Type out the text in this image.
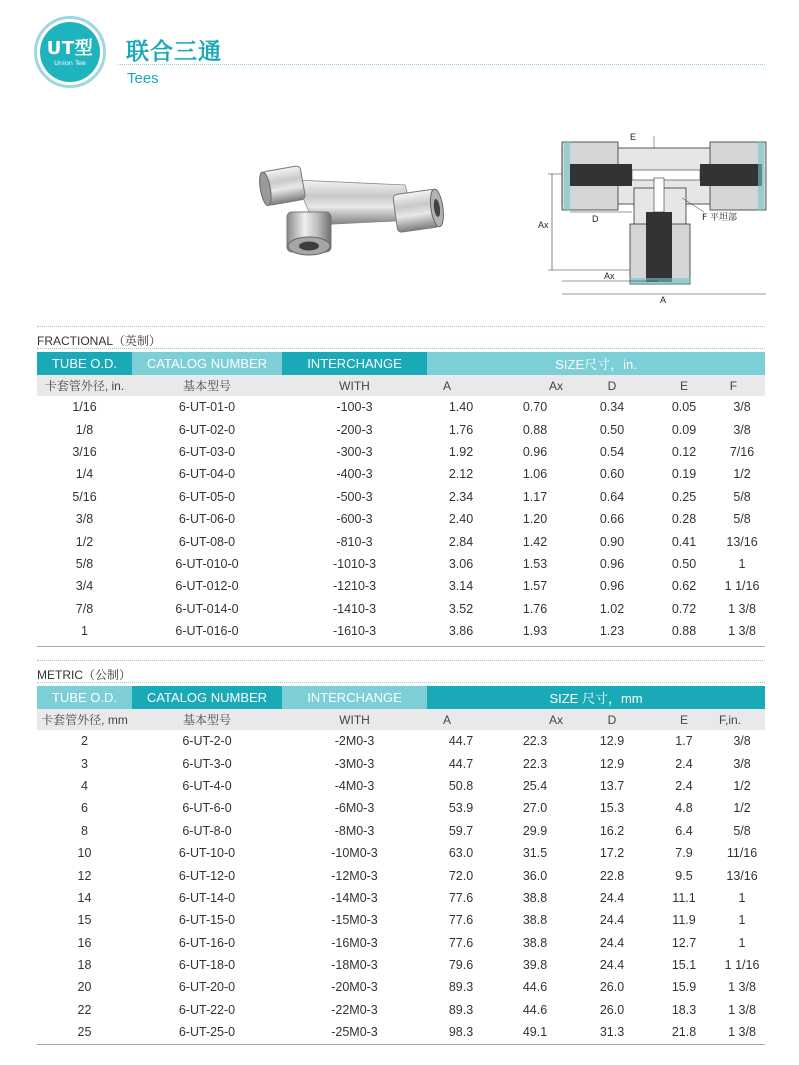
UT型
Union Tee	联合三通
Tees
E
D	F 平坦部
Ax
Ax
A
FRACTIONAL（英制）
TUBE O.D.	CATALOG NUMBER	INTERCHANGE	SIZE尺寸，in.				
卡套管外径, in.	基本型号	WITH	A	Ax	D	E	F
1/16	6-UT-01-0	-100-3	1.40	0.70	0.34	0.05	3/8
1/8	6-UT-02-0	-200-3	1.76	0.88	0.50	0.09	3/8
3/16	6-UT-03-0	-300-3	1.92	0.96	0.54	0.12	7/16
1/4	6-UT-04-0	-400-3	2.12	1.06	0.60	0.19	1/2
5/16	6-UT-05-0	-500-3	2.34	1.17	0.64	0.25	5/8
3/8	6-UT-06-0	-600-3	2.40	1.20	0.66	0.28	5/8
1/2	6-UT-08-0	-810-3	2.84	1.42	0.90	0.41	13/16
5/8	6-UT-010-0	-1010-3	3.06	1.53	0.96	0.50	1
3/4	6-UT-012-0	-1210-3	3.14	1.57	0.96	0.62	1 1/16
7/8	6-UT-014-0	-1410-3	3.52	1.76	1.02	0.72	1 3/8
1	6-UT-016-0	-1610-3	3.86	1.93	1.23	0.88	1 3/8
METRIC（公制）
TUBE O.D.	CATALOG NUMBER	INTERCHANGE	SIZE 尺寸，mm				
卡套管外径, mm	基本型号	WITH	A	Ax	D	E	F,in.
2	6-UT-2-0	-2M0-3	44.7	22.3	12.9	1.7	3/8
3	6-UT-3-0	-3M0-3	44.7	22.3	12.9	2.4	3/8
4	6-UT-4-0	-4M0-3	50.8	25.4	13.7	2.4	1/2
6	6-UT-6-0	-6M0-3	53.9	27.0	15.3	4.8	1/2
8	6-UT-8-0	-8M0-3	59.7	29.9	16.2	6.4	5/8
10	6-UT-10-0	-10M0-3	63.0	31.5	17.2	7.9	11/16
12	6-UT-12-0	-12M0-3	72.0	36.0	22.8	9.5	13/16
14	6-UT-14-0	-14M0-3	77.6	38.8	24.4	11.1	1
15	6-UT-15-0	-15M0-3	77.6	38.8	24.4	11.9	1
16	6-UT-16-0	-16M0-3	77.6	38.8	24.4	12.7	1
18	6-UT-18-0	-18M0-3	79.6	39.8	24.4	15.1	1 1/16
20	6-UT-20-0	-20M0-3	89.3	44.6	26.0	15.9	1 3/8
22	6-UT-22-0	-22M0-3	89.3	44.6	26.0	18.3	1 3/8
25	6-UT-25-0	-25M0-3	98.3	49.1	31.3	21.8	1 3/8
